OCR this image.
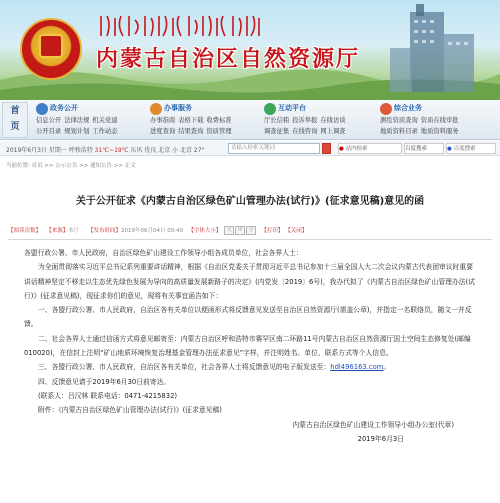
内蒙古自治区自然资源厅
首
页
政务公开
信息公开 法律法规 机关党建
公开目录 规划计划 工作动态
办事服务
办事指南 表格下载 收费标准
进度查询 结果查询 资质管理
互动平台
厅长信箱 投诉举报 在线访谈
调查征集 在线咨询 网上调查
综合业务
测绘资质查询 资质在线审批
地质资料目录 地质资料服务
2019年6月3日 星期一 呼和浩特 31℃~19℃ 东风 优良 北京 小 北京 27°	请输入检索关键词	● 站内检索	百度搜索	● 百度搜索
当前位置: 首页 >> 公示公告 >> 通知公告 >> 正文
关于公开征求《内蒙古自治区绿色矿山管理办法(试行)》(征求意见稿)意见的函
【阅读次数】 【来源】本厅 【发布时间】2019年06月04日 09:40 【字体大小】 大 中 小 【打印】 【关闭】

各盟行政公署、市人民政府，自治区绿色矿山建设工作领导小组各成员单位，社会各界人士：

为全面贯彻落实习近平总书记系列重要讲话精神，根据《自治区党委关于贯彻习近平总书记参加十三届全国人大二次会议内蒙古代表团审议时重要讲话精神坚定不移走以生态优先绿色发展为导向的高质量发展新路子的决定》(内党发〔2019〕6号)，我办代拟了《内蒙古自治区绿色矿山管理办法(试行)》(征求意见稿)，现征求你们的意见，现将有关事宜函告如下：

一、各盟行政公署、市人民政府，自治区各有关单位以便函形式将反馈意见发送至自治区自然资源厅(需盖公章)，并指定一名联络员，随文一并反馈。

二、社会各界人士通过信函方式将意见邮寄至：内蒙古自治区呼和浩特市赛罕区南二环路11号内蒙古自治区自然资源厅国土空间生态修复处(邮编010020)，在信封上注明“矿山地质环境恢复治理基金管理办法征求意见”字样，并注明姓名、单位、联系方式等个人信息。

三、各盟行政公署、市人民政府，自治区各有关单位，社会各界人士将反馈意见的电子版发送至：hdl496163.com。

四、反馈意见请于2019年6月30日前寄达。

(联系人：吕汉林 联系电话：0471-4215832)

附件：《内蒙古自治区绿色矿山管理办法(试行)》(征求意见稿)

内蒙古自治区绿色矿山建设工作领导小组办公室(代章)

2019年6月3日
